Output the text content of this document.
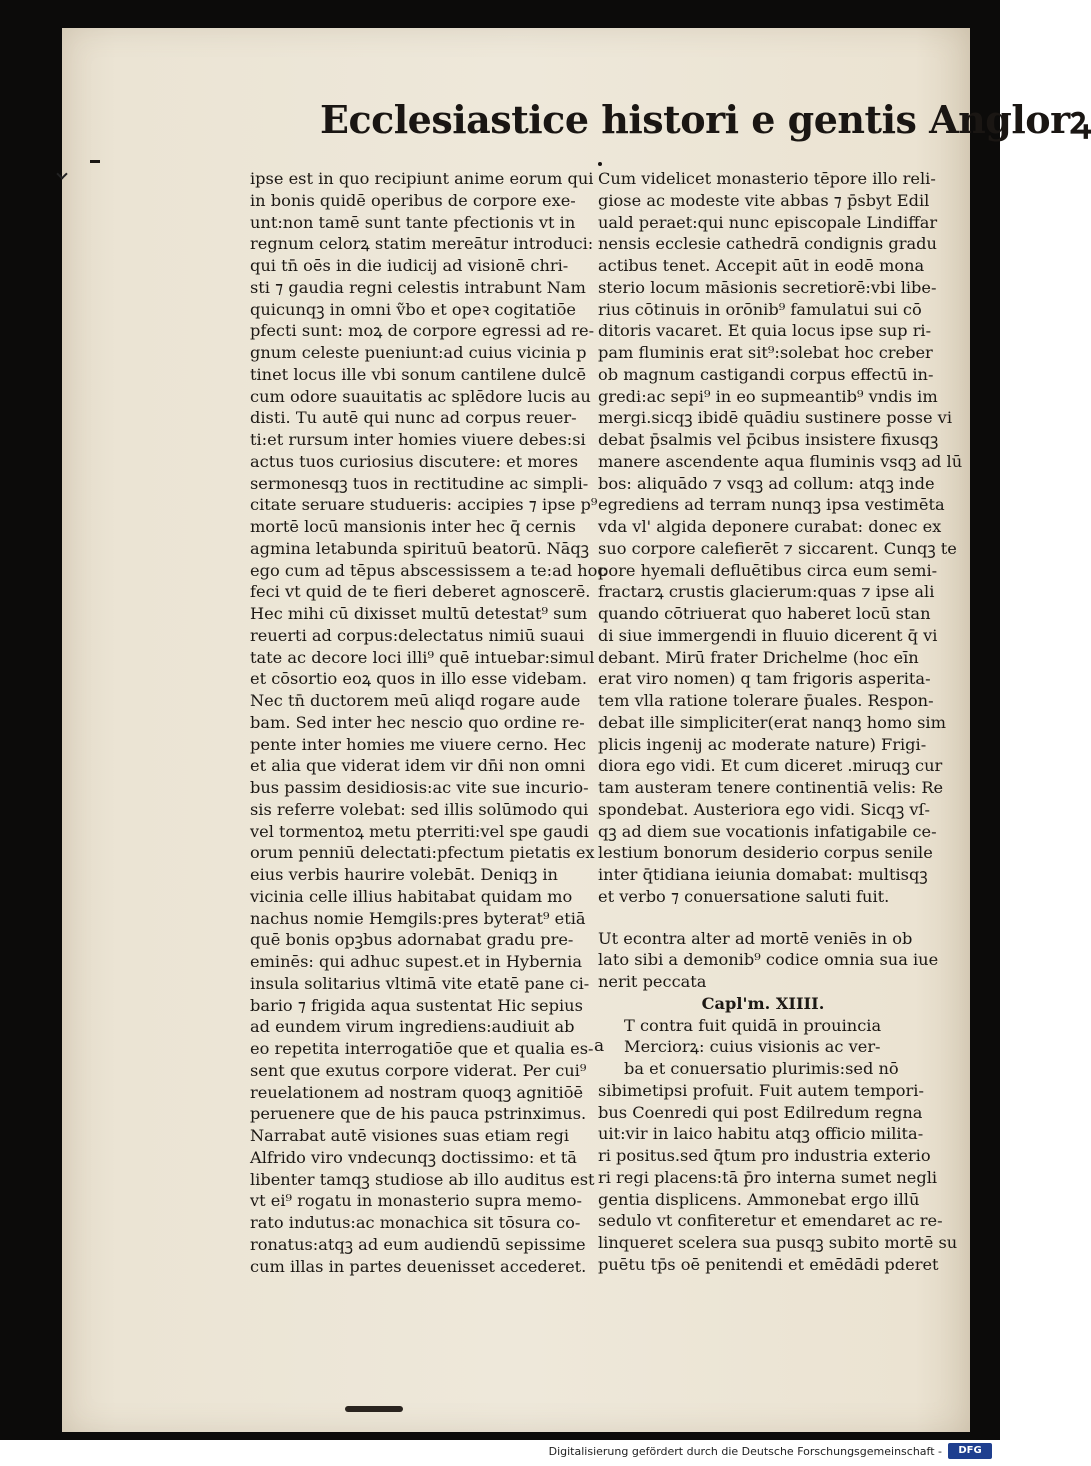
Ecclesiastice histori e gentis Anglorꝝ
ipse est in quo recipiunt anime eorum qui
in bonis quidē operibus de corpore exe-
unt:non tamē sunt tante pfectionis vt in
regnum celorꝝ statim mereātur introduci:
qui tn̄ oēs in die iudicij ad visionē chri-
sti ⁊ gaudia regni celestis intrabunt Nam
quicunqꝫ in omni ṽbo et opeꝛ cogitatiōe
pfecti sunt: moꝝ de corpore egressi ad re-
gnum celeste pueniunt:ad cuius vicinia p
tinet locus ille vbi sonum cantilene dulcē
cum odore suauitatis ac splēdore lucis au
disti. Tu autē qui nunc ad corpus reuer-
ti:et rursum inter homies viuere debes:si
actus tuos curiosius discutere: et mores
sermonesqꝫ tuos in rectitudine ac simpli-
citate seruare studueris: accipies ⁊ ipse p⁹
mortē locū mansionis inter hec q̄ cernis
agmina letabunda spirituū beatorū. Nāqꝫ
ego cum ad tēpus abscessissem a te:ad hoc
feci vt quid de te fieri deberet agnoscerē.
Hec mihi cū dixisset multū detestat⁹ sum
reuerti ad corpus:delectatus nimiū suaui
tate ac decore loci illi⁹ quē intuebar:simul
et cōsortio eoꝝ quos in illo esse videbam.
Nec tn̄ ductorem meū aliqd rogare aude
bam. Sed inter hec nescio quo ordine re-
pente inter homies me viuere cerno. Hec
et alia que viderat idem vir dn̄i non omni
bus passim desidiosis:ac vite sue incurio-
sis referre volebat: sed illis solūmodo qui
vel tormentoꝝ metu pterriti:vel spe gaudi
orum penniū delectati:pfectum pietatis ex
eius verbis haurire volebāt. Deniqꝫ in
vicinia celle illius habitabat quidam mo
nachus nomie Hemgils:pres byterat⁹ etiā
quē bonis opꝫbus adornabat gradu pre-
eminēs: qui adhuc supest.et in Hybernia
insula solitarius vltimā vite etatē pane ci-
bario ⁊ frigida aqua sustentat Hic sepius
ad eundem virum ingrediens:audiuit ab
eo repetita interrogatiōe que et qualia es-
sent que exutus corpore viderat. Per cui⁹
reuelationem ad nostram quoqꝫ agnitiōē
peruenere que de his pauca pstrinximus.
Narrabat autē visiones suas etiam regi
Alfrido viro vndecunqꝫ doctissimo: et tā
libenter tamqꝫ studiose ab illo auditus est
vt ei⁹ rogatu in monasterio supra memo-
rato indutus:ac monachica sit tōsura co-
ronatus:atqꝫ ad eum audiendū sepissime
cum illas in partes deuenisset accederet.
Cum videlicet monasterio tēpore illo reli-
giose ac modeste vite abbas ⁊ p̄sbyt Edil
uald peraet:qui nunc episcopale Lindiffar
nensis ecclesie cathedrā condignis gradu
actibus tenet. Accepit aūt in eodē mona
sterio locum māsionis secretiorē:vbi libe-
rius cōtinuis in orōnib⁹ famulatui sui cō
ditoris vacaret. Et quia locus ipse sup ri-
pam fluminis erat sit⁹:solebat hoc creber
ob magnum castigandi corpus effectū in-
gredi:ac sepi⁹ in eo supmeantib⁹ vndis im
mergi.sicqꝫ ibidē quādiu sustinere posse vi
debat p̄salmis vel p̄cibus insistere fixusqꝫ
manere ascendente aqua fluminis vsqꝫ ad lū
bos: aliquādo ⁊ vsqꝫ ad collum: atqꝫ inde
egrediens ad terram nunqꝫ ipsa vestimēta
vda vl' algida deponere curabat: donec ex
suo corpore calefierēt ⁊ siccarent. Cunqꝫ te
pore hyemali defluētibus circa eum semi-
fractarꝝ crustis glacierum:quas ⁊ ipse ali
quando cōtriuerat quo haberet locū stan
di siue immergendi in fluuio dicerent q̄ vi
debant. Mirū frater Drichelme (hoc eīn
erat viro nomen) q tam frigoris asperita-
tem vlla ratione tolerare p̄uales. Respon-
debat ille simpliciter(erat nanqꝫ homo sim
plicis ingenij ac moderate nature) Frigi-
diora ego vidi. Et cum diceret .miruqꝫ cur
tam austeram tenere continentiā velis: Re
spondebat. Austeriora ego vidi. Sicqꝫ vſ-
qꝫ ad diem sue vocationis infatigabile ce-
lestium bonorum desiderio corpus senile
inter q̄tidiana ieiunia domabat: multisqꝫ
et verbo ⁊ conuersatione saluti fuit.
Ut econtra alter ad mortē veniēs in ob
lato sibi a demonib⁹ codice omnia sua iue
nerit peccata
Capl'm. XIIII.
a
T contra fuit quidā in prouincia
Merciorꝝ: cuius visionis ac ver-
ba et conuersatio plurimis:sed nō
sibimetipsi profuit. Fuit autem tempori-
bus Coenredi qui post Edilredum regna
uit:vir in laico habitu atqꝫ officio milita-
ri positus.sed q̄tum pro industria exterio
ri regi placens:tā p̄ro interna sumet negli
gentia displicens. Ammonebat ergo illū
sedulo vt confiteretur et emendaret ac re-
linqueret scelera sua pusqꝫ subito mortē su
puētu tp̄s oē penitendi et emēdādi pderet
Digitalisierung gefördert durch die Deutsche Forschungsgemeinschaft -	DFG
